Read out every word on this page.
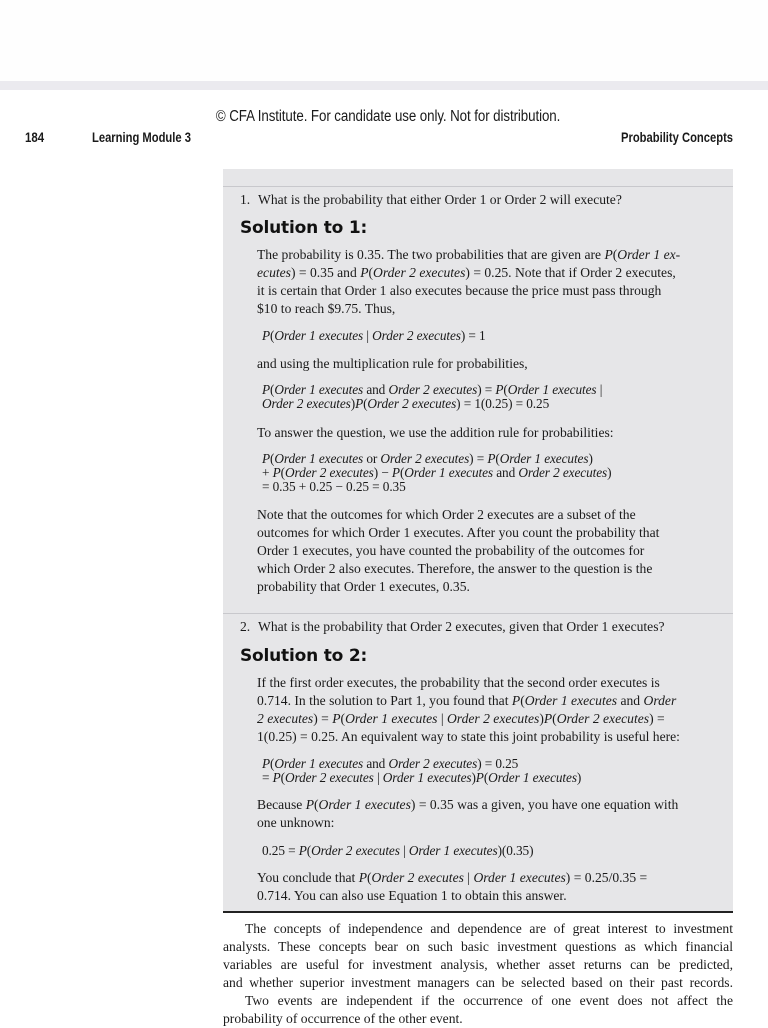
© CFA Institute. For candidate use only. Not for distribution.
184	Learning Module 3	Probability Concepts
1. What is the probability that either Order 1 or Order 2 will execute?
Solution to 1:
The probability is 0.35. The two probabilities that are given are P(Order 1 ex-
ecutes) = 0.35 and P(Order 2 executes) = 0.25. Note that if Order 2 executes,
it is certain that Order 1 also executes because the price must pass through
$10 to reach $9.75. Thus,
P(Order 1 executes | Order 2 executes) = 1
and using the multiplication rule for probabilities,
P(Order 1 executes and Order 2 executes) = P(Order 1 executes |
Order 2 executes)P(Order 2 executes) = 1(0.25) = 0.25
To answer the question, we use the addition rule for probabilities:
P(Order 1 executes or Order 2 executes) = P(Order 1 executes)
+ P(Order 2 executes) − P(Order 1 executes and Order 2 executes)
= 0.35 + 0.25 − 0.25 = 0.35
Note that the outcomes for which Order 2 executes are a subset of the
outcomes for which Order 1 executes. After you count the probability that
Order 1 executes, you have counted the probability of the outcomes for
which Order 2 also executes. Therefore, the answer to the question is the
probability that Order 1 executes, 0.35.
2. What is the probability that Order 2 executes, given that Order 1 executes?
Solution to 2:
If the first order executes, the probability that the second order executes is
0.714. In the solution to Part 1, you found that P(Order 1 executes and Order
2 executes) = P(Order 1 executes | Order 2 executes)P(Order 2 executes) =
1(0.25) = 0.25. An equivalent way to state this joint probability is useful here:
P(Order 1 executes and Order 2 executes) = 0.25
= P(Order 2 executes | Order 1 executes)P(Order 1 executes)
Because P(Order 1 executes) = 0.35 was a given, you have one equation with
one unknown:
0.25 = P(Order 2 executes | Order 1 executes)(0.35)
You conclude that P(Order 2 executes | Order 1 executes) = 0.25/0.35 =
0.714. You can also use Equation 1 to obtain this answer.
The concepts of independence and dependence are of great interest to investment
analysts. These concepts bear on such basic investment questions as which financial
variables are useful for investment analysis, whether asset returns can be predicted,
and whether superior investment managers can be selected based on their past records.
Two events are independent if the occurrence of one event does not affect the
probability of occurrence of the other event.
